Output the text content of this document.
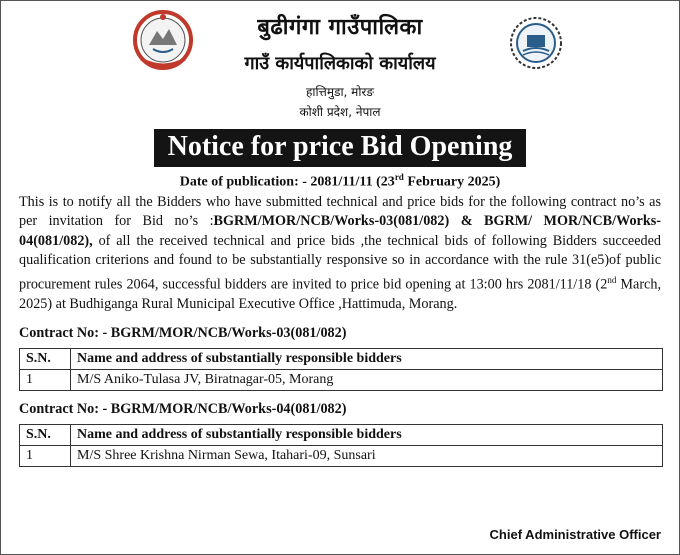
बुढीगंगा गाउँपालिका
गाउँ कार्यपालिकाको कार्यालय
हात्तिमुडा, मोरङ
कोशी प्रदेश, नेपाल
Notice for price Bid Opening
Date of publication: - 2081/11/11 (23rd February 2025)
This is to notify all the Bidders who have submitted technical and price bids for the following contract no’s as per invitation for Bid no’s :BGRM/MOR/NCB/Works-03(081/082) & BGRM/ MOR/NCB/Works-04(081/082), of all the received technical and price bids ,the technical bids of following Bidders succeeded qualification criterions and found to be substantially responsive so in accordance with the rule 31(e5)of public procurement rules 2064, successful bidders are invited to price bid opening at 13:00 hrs 2081/11/18 (2nd March, 2025) at Budhiganga Rural Municipal Executive Office ,Hattimuda, Morang.
Contract No: - BGRM/MOR/NCB/Works-03(081/082)
S.N.	Name and address of substantially responsible bidders
1	M/S Aniko-Tulasa JV, Biratnagar-05, Morang
Contract No: - BGRM/MOR/NCB/Works-04(081/082)
S.N.	Name and address of substantially responsible bidders
1	M/S Shree Krishna Nirman Sewa, Itahari-09, Sunsari
Chief Administrative Officer
